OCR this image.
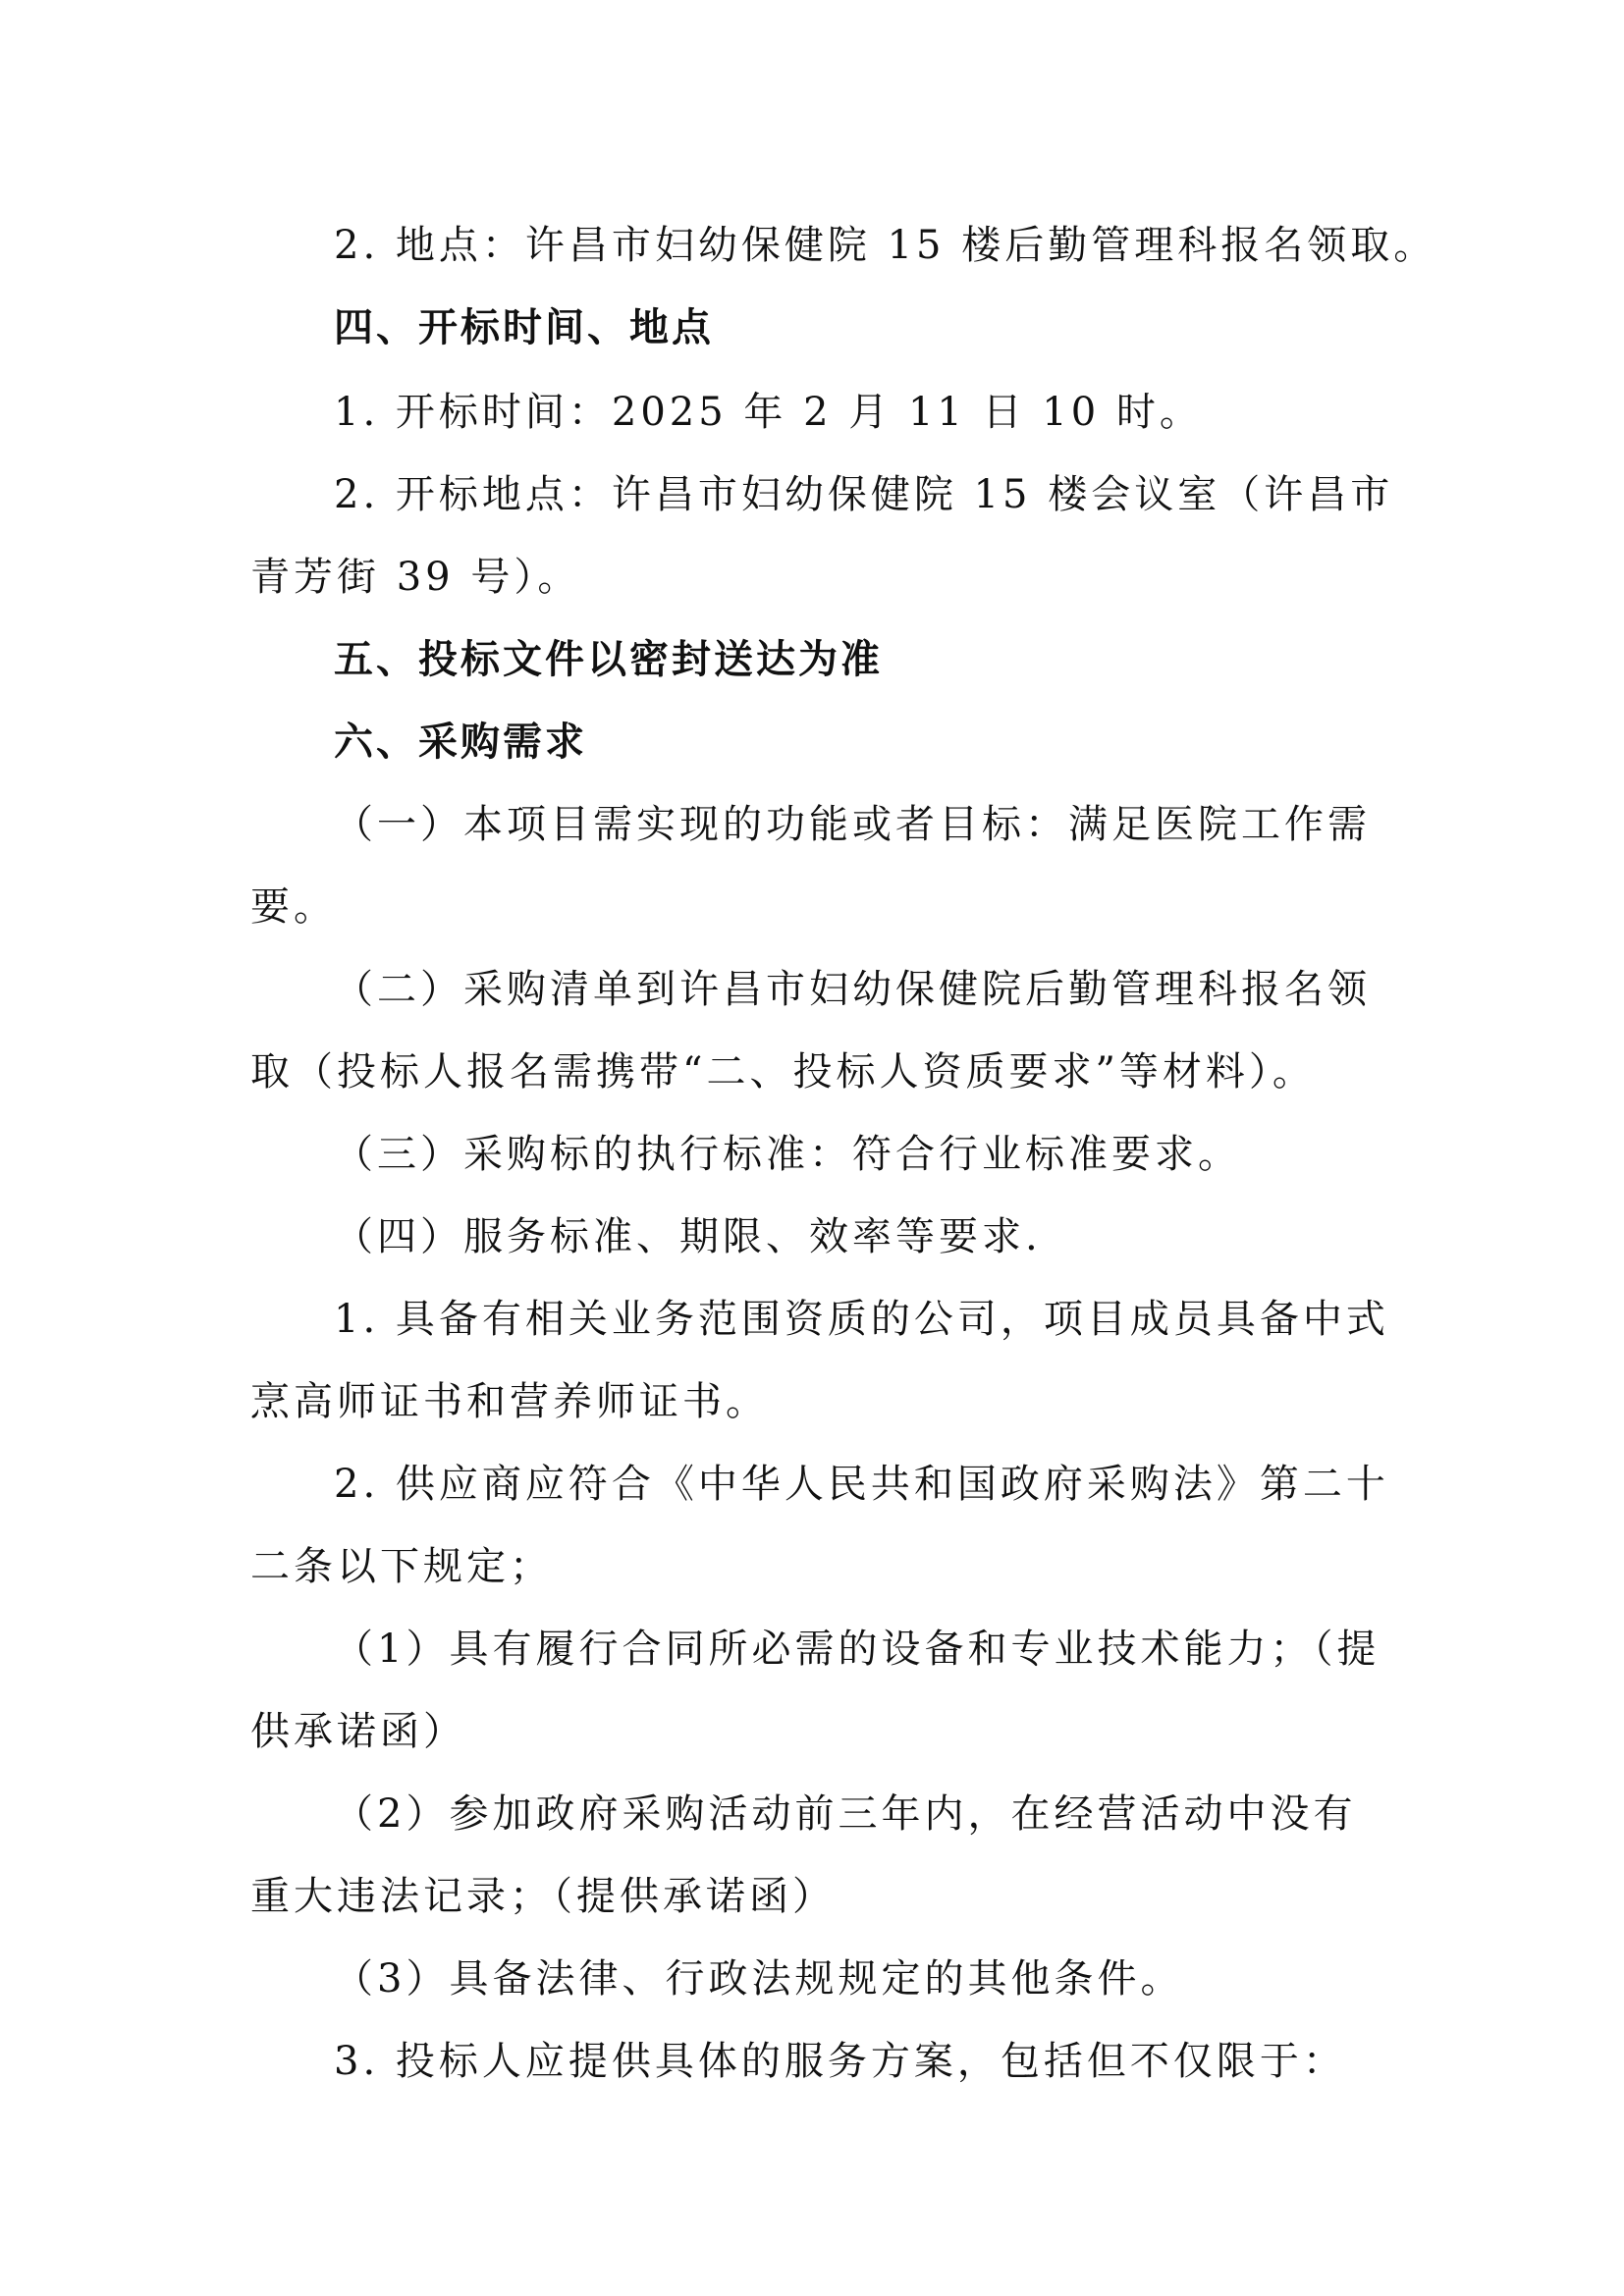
2. 地点：许昌市妇幼保健院 15 楼后勤管理科报名领取。
四、开标时间、地点
1. 开标时间：2025 年 2 月 11 日 10 时。
2. 开标地点：许昌市妇幼保健院 15 楼会议室（许昌市
青芳街 39 号）。
五、投标文件以密封送达为准
六、采购需求
（一）本项目需实现的功能或者目标：满足医院工作需
要。
（二）采购清单到许昌市妇幼保健院后勤管理科报名领
取（投标人报名需携带“二、投标人资质要求”等材料）。
（三）采购标的执行标准：符合行业标准要求。
（四）服务标准、期限、效率等要求.
1. 具备有相关业务范围资质的公司，项目成员具备中式
烹高师证书和营养师证书。
2. 供应商应符合《中华人民共和国政府采购法》第二十
二条以下规定；
（1）具有履行合同所必需的设备和专业技术能力；（提
供承诺函）
（2）参加政府采购活动前三年内，在经营活动中没有
重大违法记录；（提供承诺函）
（3）具备法律、行政法规规定的其他条件。
3. 投标人应提供具体的服务方案，包括但不仅限于：
